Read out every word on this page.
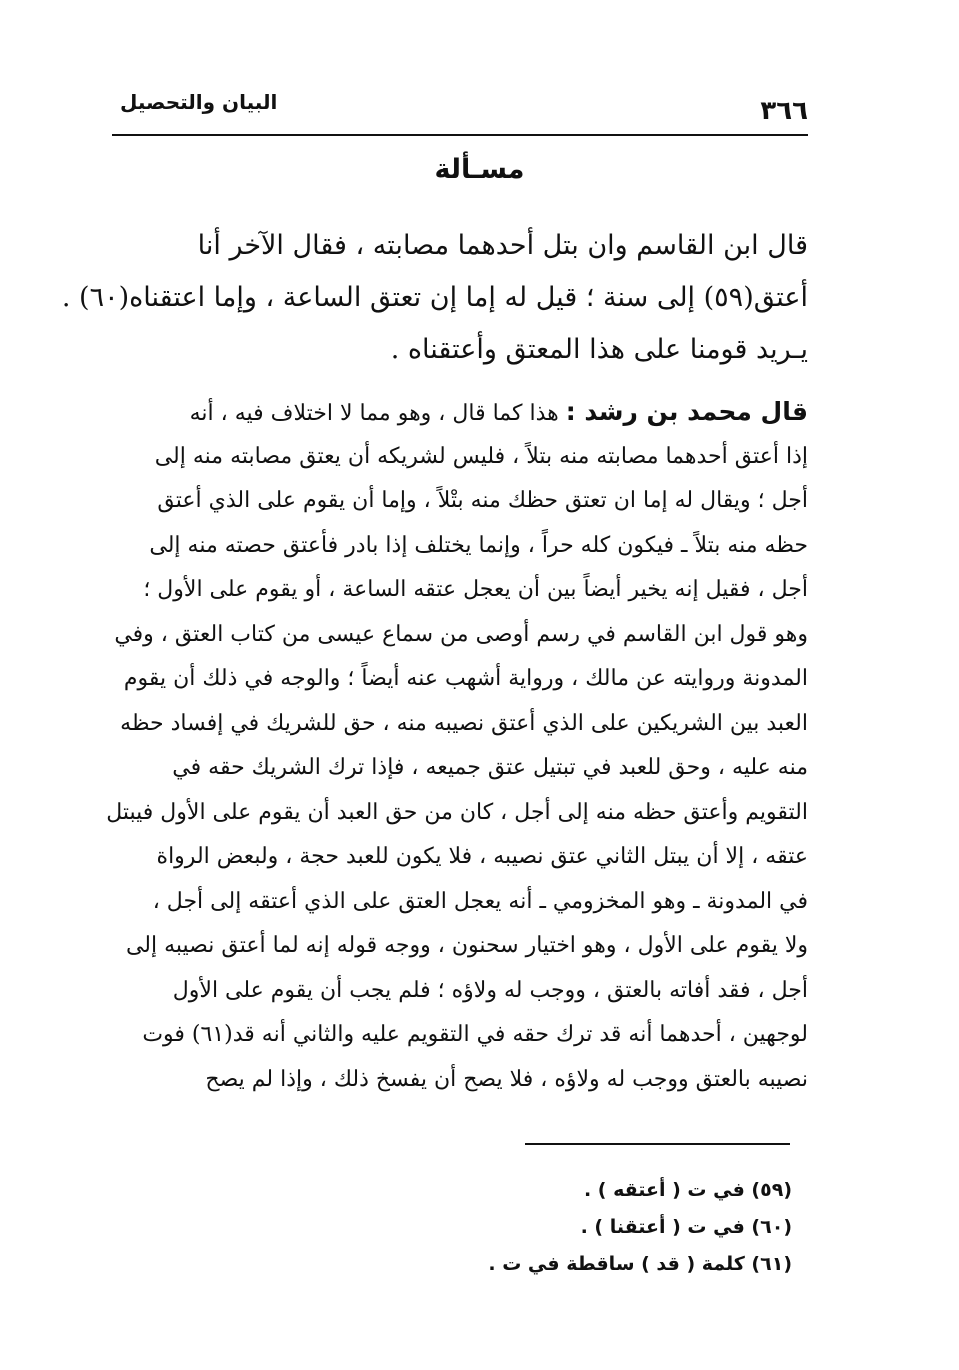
٣٦٦
البيان والتحصيل
مسـألة
قال ابن القاسم وان بتل أحدهما مصابته ، فقال الآخر أنا
أعتق(٥٩) إلى سنة ؛ قيل له إما إن تعتق الساعة ، وإما اعتقناه(٦٠) .
يـريد قومنا على هذا المعتق وأعتقناه .
قال محمد بن رشد : هذا كما قال ، وهو مما لا اختلاف فيه ، أنه
إذا أعتق أحدهما مصابته منه بتلاً ، فليس لشريكه أن يعتق مصابته منه إلى
أجل ؛ ويقال له إما ان تعتق حظك منه بتْلاً ، وإما أن يقوم على الذي أعتق
حظه منه بتلاً ـ فيكون كله حراً ، وإنما يختلف إذا بادر فأعتق حصته منه إلى
أجل ، فقيل إنه يخير أيضاً بين أن يعجل عتقه الساعة ، أو يقوم على الأول ؛
وهو قول ابن القاسم في رسم أوصى من سماع عيسى من كتاب العتق ، وفي
المدونة وروايته عن مالك ، ورواية أشهب عنه أيضاً ؛ والوجه في ذلك أن يقوم
العبد بين الشريكين على الذي أعتق نصيبه منه ، حق للشريك في إفساد حظه
منه عليه ، وحق للعبد في تبتيل عتق جميعه ، فإذا ترك الشريك حقه في
التقويم وأعتق حظه منه إلى أجل ، كان من حق العبد أن يقوم على الأول فيبتل
عتقه ، إلا أن يبتل الثاني عتق نصيبه ، فلا يكون للعبد حجة ، ولبعض الرواة
في المدونة ـ وهو المخزومي ـ أنه يعجل العتق على الذي أعتقه إلى أجل ،
ولا يقوم على الأول ، وهو اختيار سحنون ، ووجه قوله إنه لما أعتق نصيبه إلى
أجل ، فقد أفاته بالعتق ، ووجب له ولاؤه ؛ فلم يجب أن يقوم على الأول
لوجهين ، أحدهما أنه قد ترك حقه في التقويم عليه والثاني أنه قد(٦١) فوت
نصيبه بالعتق ووجب له ولاؤه ، فلا يصح أن يفسخ ذلك ، وإذا لم يصح
(٥٩) في ت ( أعتقه ) .
(٦٠) في ت ( أعتقنا ) .
(٦١) كلمة ( قد ) ساقطة في ت .
